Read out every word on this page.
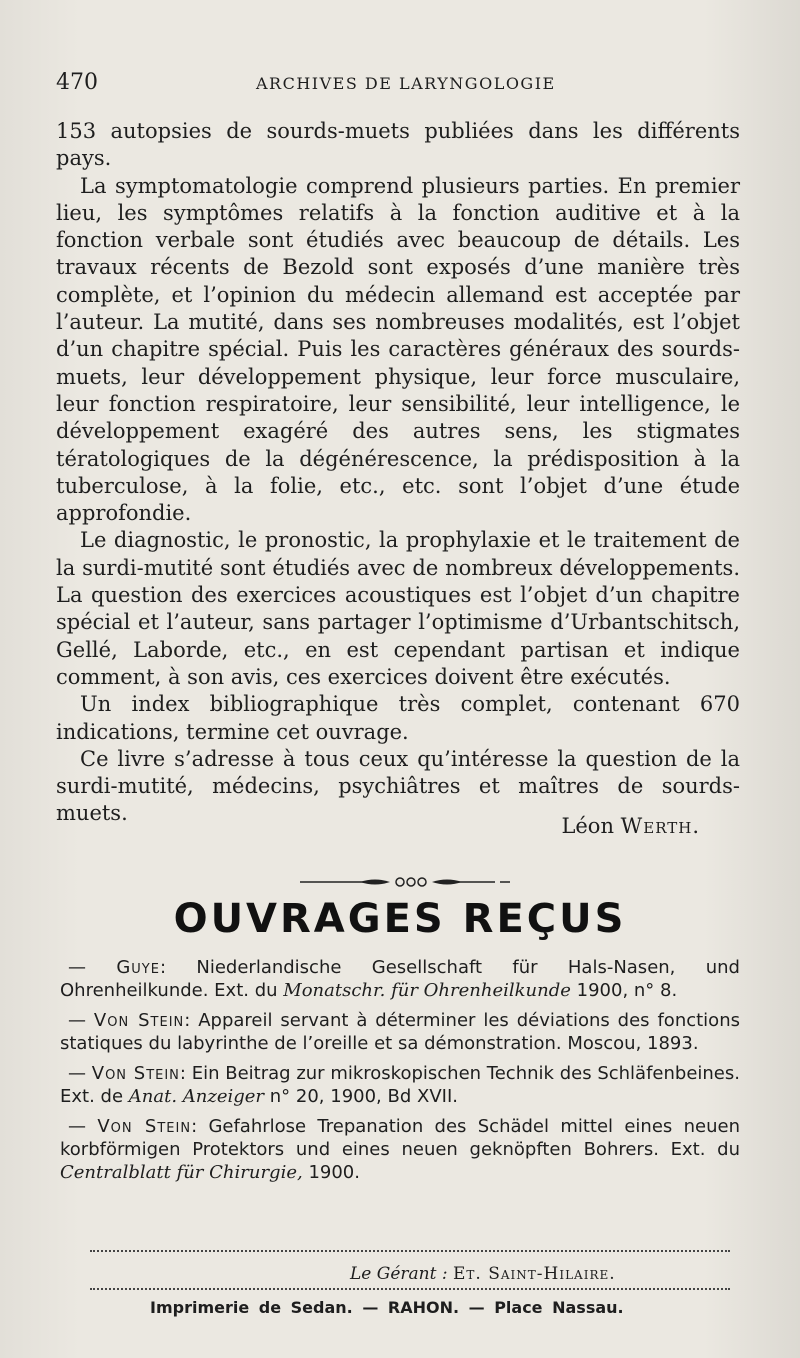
470	ARCHIVES DE LARYNGOLOGIE

153 autopsies de sourds-muets publiées dans les différents pays.

La symptomatologie comprend plusieurs parties. En premier lieu, les symptômes relatifs à la fonction auditive et à la fonction verbale sont étudiés avec beaucoup de détails. Les travaux récents de Bezold sont exposés d’une manière très complète, et l’opinion du médecin allemand est acceptée par l’auteur. La mutité, dans ses nombreuses modalités, est l’objet d’un chapitre spécial. Puis les caractères généraux des sourds-muets, leur développement physique, leur force musculaire, leur fonction respiratoire, leur sensibilité, leur intelligence, le développement exagéré des autres sens, les stigmates tératologiques de la dégénérescence, la prédisposition à la tuberculose, à la folie, etc., etc. sont l’objet d’une étude approfondie.

Le diagnostic, le pronostic, la prophylaxie et le traitement de la surdi-mutité sont étudiés avec de nombreux développements. La question des exercices acoustiques est l’objet d’un chapitre spécial et l’auteur, sans partager l’optimisme d’Urbantschitsch, Gellé, Laborde, etc., en est cependant partisan et indique comment, à son avis, ces exercices doivent être exécutés.

Un index bibliographique très complet, contenant 670 indications, termine cet ouvrage.

Ce livre s’adresse à tous ceux qu’intéresse la question de la surdi-mutité, médecins, psychiâtres et maîtres de sourds-muets.

Léon Werth.
OUVRAGES REÇUS

— Guye: Niederlandische Gesellschaft für Hals-Nasen, und Ohrenheilkunde. Ext. du Monatschr. für Ohrenheilkunde 1900, n° 8.

— Von Stein: Appareil servant à déterminer les déviations des fonctions statiques du labyrinthe de l’oreille et sa démonstration. Moscou, 1893.

— Von Stein: Ein Beitrag zur mikroskopischen Technik des Schläfenbeines. Ext. de Anat. Anzeiger n° 20, 1900, Bd XVII.

— Von Stein: Gefahrlose Trepanation des Schädel mittel eines neuen korbförmigen Protektors und eines neuen geknöpften Bohrers. Ext. du Centralblatt für Chirurgie, 1900.

Le Gérant : Et. Saint-Hilaire.
Imprimerie de Sedan. — RAHON. — Place Nassau.
